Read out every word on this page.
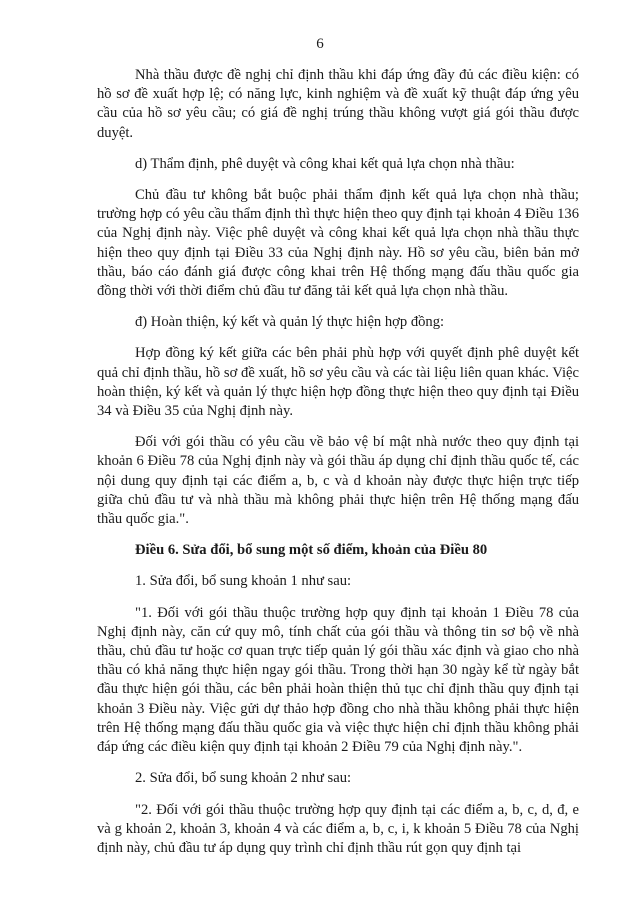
6

Nhà thầu được đề nghị chỉ định thầu khi đáp ứng đầy đủ các điều kiện: có hồ sơ đề xuất hợp lệ; có năng lực, kinh nghiệm và đề xuất kỹ thuật đáp ứng yêu cầu của hồ sơ yêu cầu; có giá đề nghị trúng thầu không vượt giá gói thầu được duyệt.

d) Thẩm định, phê duyệt và công khai kết quả lựa chọn nhà thầu:

Chủ đầu tư không bắt buộc phải thẩm định kết quả lựa chọn nhà thầu; trường hợp có yêu cầu thẩm định thì thực hiện theo quy định tại khoản 4 Điều 136 của Nghị định này. Việc phê duyệt và công khai kết quả lựa chọn nhà thầu thực hiện theo quy định tại Điều 33 của Nghị định này. Hồ sơ yêu cầu, biên bản mở thầu, báo cáo đánh giá được công khai trên Hệ thống mạng đấu thầu quốc gia đồng thời với thời điểm chủ đầu tư đăng tải kết quả lựa chọn nhà thầu.

đ) Hoàn thiện, ký kết và quản lý thực hiện hợp đồng:

Hợp đồng ký kết giữa các bên phải phù hợp với quyết định phê duyệt kết quả chỉ định thầu, hồ sơ đề xuất, hồ sơ yêu cầu và các tài liệu liên quan khác. Việc hoàn thiện, ký kết và quản lý thực hiện hợp đồng thực hiện theo quy định tại Điều 34 và Điều 35 của Nghị định này.

Đối với gói thầu có yêu cầu về bảo vệ bí mật nhà nước theo quy định tại khoản 6 Điều 78 của Nghị định này và gói thầu áp dụng chỉ định thầu quốc tế, các nội dung quy định tại các điểm a, b, c và d khoản này được thực hiện trực tiếp giữa chủ đầu tư và nhà thầu mà không phải thực hiện trên Hệ thống mạng đấu thầu quốc gia.".

Điều 6. Sửa đổi, bổ sung một số điểm, khoản của Điều 80

1. Sửa đổi, bổ sung khoản 1 như sau:

"1. Đối với gói thầu thuộc trường hợp quy định tại khoản 1 Điều 78 của Nghị định này, căn cứ quy mô, tính chất của gói thầu và thông tin sơ bộ về nhà thầu, chủ đầu tư hoặc cơ quan trực tiếp quản lý gói thầu xác định và giao cho nhà thầu có khả năng thực hiện ngay gói thầu. Trong thời hạn 30 ngày kể từ ngày bắt đầu thực hiện gói thầu, các bên phải hoàn thiện thủ tục chỉ định thầu quy định tại khoản 3 Điều này. Việc gửi dự thảo hợp đồng cho nhà thầu không phải thực hiện trên Hệ thống mạng đấu thầu quốc gia và việc thực hiện chỉ định thầu không phải đáp ứng các điều kiện quy định tại khoản 2 Điều 79 của Nghị định này.".

2. Sửa đổi, bổ sung khoản 2 như sau:

"2. Đối với gói thầu thuộc trường hợp quy định tại các điểm a, b, c, d, đ, e và g khoản 2, khoản 3, khoản 4 và các điểm a, b, c, i, k khoản 5 Điều 78 của Nghị định này, chủ đầu tư áp dụng quy trình chỉ định thầu rút gọn quy định tại
